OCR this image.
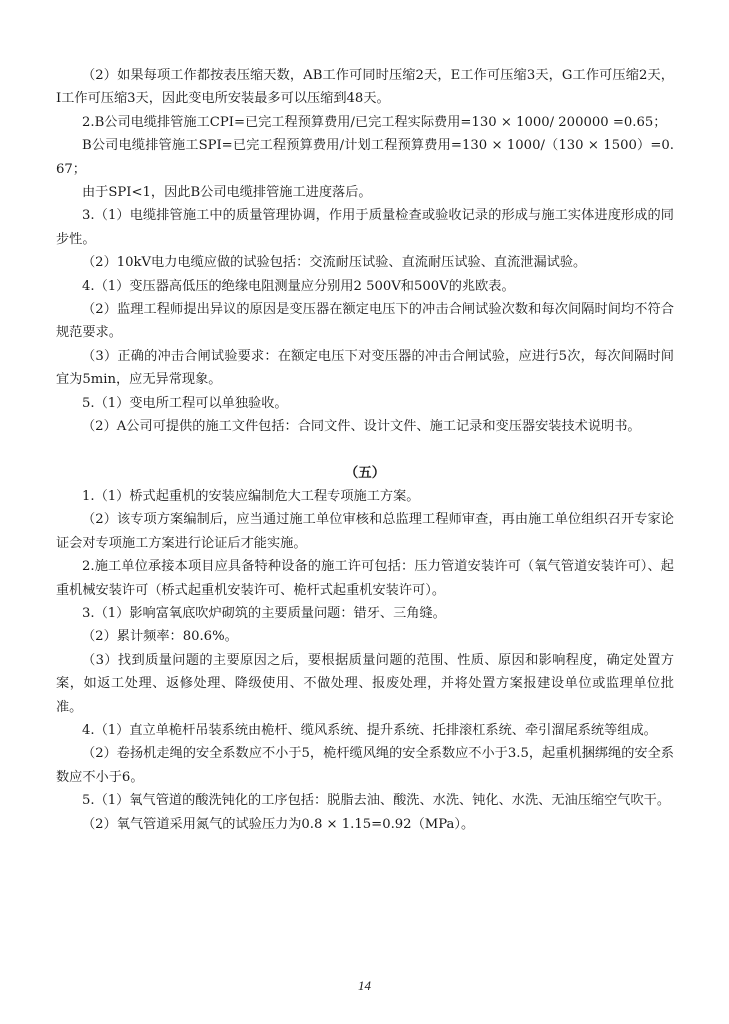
（2）如果每项工作都按表压缩天数，AB工作可同时压缩2天，E工作可压缩3天，G工作可压缩2天，I工作可压缩3天，因此变电所安装最多可以压缩到48天。

2.B公司电缆排管施工CPI=已完工程预算费用/已完工程实际费用=130 × 1000/ 200000 =0.65；

B公司电缆排管施工SPI=已完工程预算费用/计划工程预算费用=130 × 1000/（130 × 1500）=0.67；

由于SPI<1，因此B公司电缆排管施工进度落后。

3.（1）电缆排管施工中的质量管理协调，作用于质量检查或验收记录的形成与施工实体进度形成的同步性。

（2）10kV电力电缆应做的试验包括：交流耐压试验、直流耐压试验、直流泄漏试验。

4.（1）变压器高低压的绝缘电阻测量应分别用2 500V和500V的兆欧表。

（2）监理工程师提出异议的原因是变压器在额定电压下的冲击合闸试验次数和每次间隔时间均不符合规范要求。

（3）正确的冲击合闸试验要求：在额定电压下对变压器的冲击合闸试验，应进行5次，每次间隔时间宜为5min，应无异常现象。

5.（1）变电所工程可以单独验收。

（2）A公司可提供的施工文件包括：合同文件、设计文件、施工记录和变压器安装技术说明书。

（五）

1.（1）桥式起重机的安装应编制危大工程专项施工方案。

（2）该专项方案编制后，应当通过施工单位审核和总监理工程师审查，再由施工单位组织召开专家论证会对专项施工方案进行论证后才能实施。

2.施工单位承接本项目应具备特种设备的施工许可包括：压力管道安装许可（氧气管道安装许可）、起重机械安装许可（桥式起重机安装许可、桅杆式起重机安装许可）。

3.（1）影响富氧底吹炉砌筑的主要质量问题：错牙、三角缝。

（2）累计频率：80.6%。

（3）找到质量问题的主要原因之后，要根据质量问题的范围、性质、原因和影响程度，确定处置方案，如返工处理、返修处理、降级使用、不做处理、报废处理，并将处置方案报建设单位或监理单位批准。

4.（1）直立单桅杆吊装系统由桅杆、缆风系统、提升系统、托排滚杠系统、牵引溜尾系统等组成。

（2）卷扬机走绳的安全系数应不小于5，桅杆缆风绳的安全系数应不小于3.5，起重机捆绑绳的安全系数应不小于6。

5.（1）氧气管道的酸洗钝化的工序包括：脱脂去油、酸洗、水洗、钝化、水洗、无油压缩空气吹干。

（2）氧气管道采用氮气的试验压力为0.8 × 1.15=0.92（MPa）。

14
